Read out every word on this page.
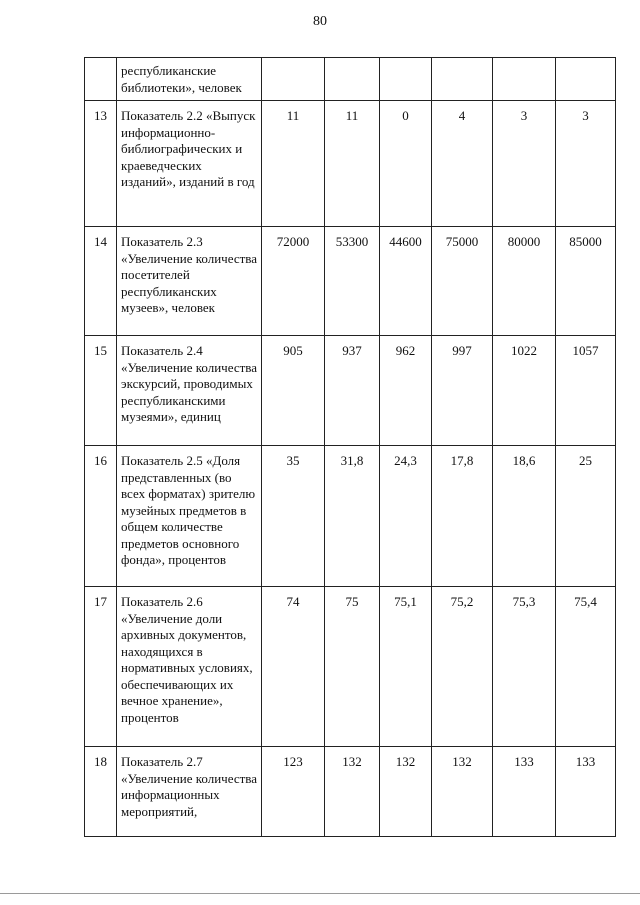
80
	республиканские библиотеки», человек						
13	Показатель 2.2 «Выпуск информационно-библиографических и краеведческих изданий», изданий в год	11	11	0	4	3	3
14	Показатель 2.3 «Увеличение количества посетителей республиканских музеев», человек	72000	53300	44600	75000	80000	85000
15	Показатель 2.4 «Увеличение количества экскурсий, проводимых республиканскими музеями», единиц	905	937	962	997	1022	1057
16	Показатель 2.5 «Доля представленных (во всех форматах) зрителю музейных предметов в общем количестве предметов основного фонда», процентов	35	31,8	24,3	17,8	18,6	25
17	Показатель 2.6 «Увеличение доли архивных документов, находящихся в нормативных условиях, обеспечивающих их вечное хранение», процентов	74	75	75,1	75,2	75,3	75,4
18	Показатель 2.7 «Увеличение количества информационных мероприятий,	123	132	132	132	133	133
